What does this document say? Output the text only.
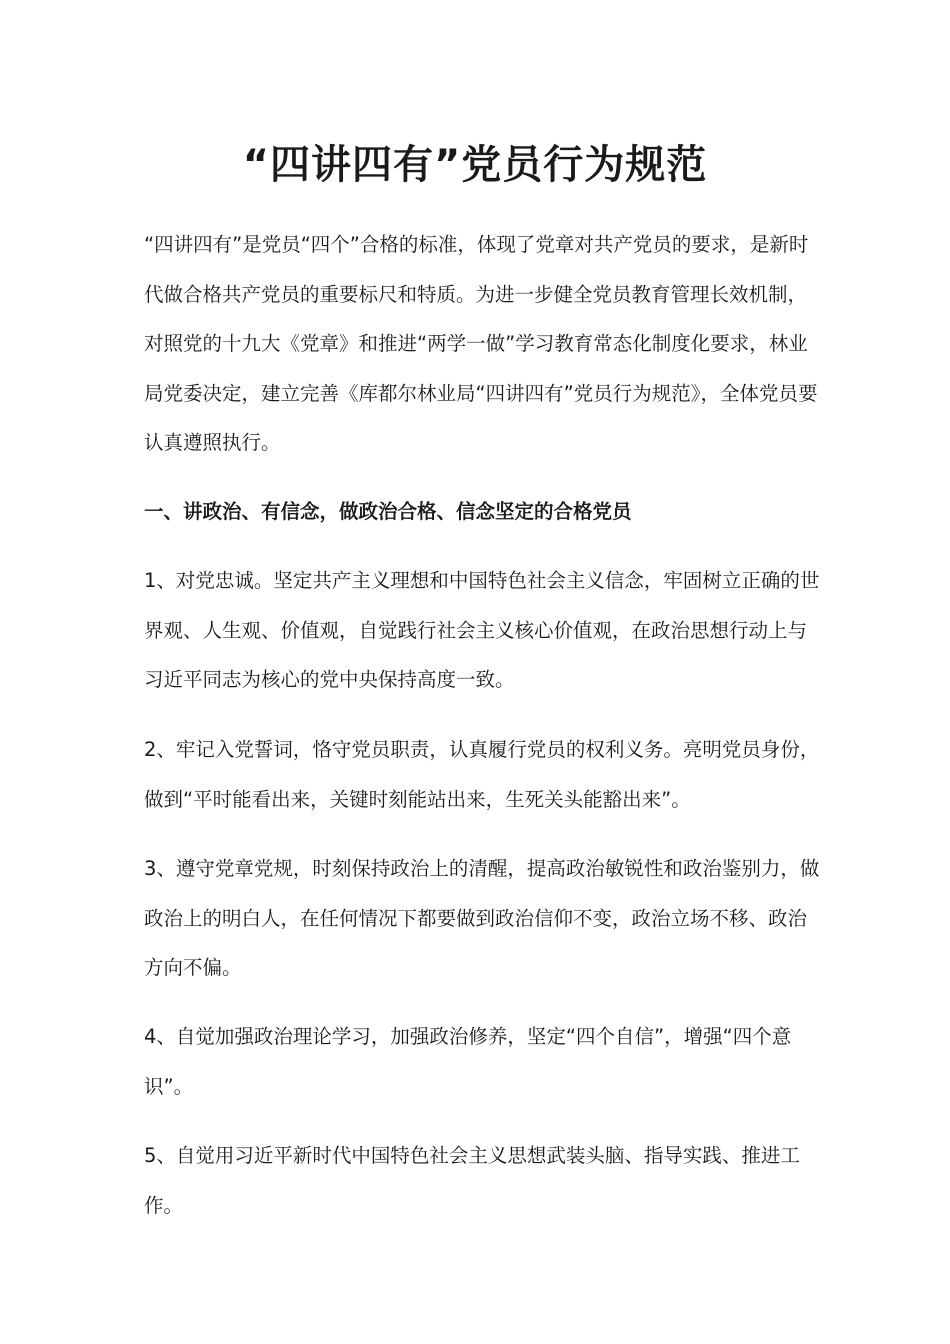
“四讲四有”党员行为规范

“四讲四有”是党员“四个”合格的标准，体现了党章对共产党员的要求，是新时代做合格共产党员的重要标尺和特质。为进一步健全党员教育管理长效机制，对照党的十九大《党章》和推进“两学一做”学习教育常态化制度化要求，林业局党委决定，建立完善《库都尔林业局“四讲四有”党员行为规范》，全体党员要认真遵照执行。

一、讲政治、有信念，做政治合格、信念坚定的合格党员

1、对党忠诚。坚定共产主义理想和中国特色社会主义信念，牢固树立正确的世界观、人生观、价值观，自觉践行社会主义核心价值观，在政治思想行动上与习近平同志为核心的党中央保持高度一致。

2、牢记入党誓词，恪守党员职责，认真履行党员的权利义务。亮明党员身份，做到“平时能看出来，关键时刻能站出来，生死关头能豁出来”。

3、遵守党章党规，时刻保持政治上的清醒，提高政治敏锐性和政治鉴别力，做政治上的明白人，在任何情况下都要做到政治信仰不变，政治立场不移、政治方向不偏。

4、自觉加强政治理论学习，加强政治修养，坚定“四个自信”，增强“四个意识”。

5、自觉用习近平新时代中国特色社会主义思想武装头脑、指导实践、推进工作。
